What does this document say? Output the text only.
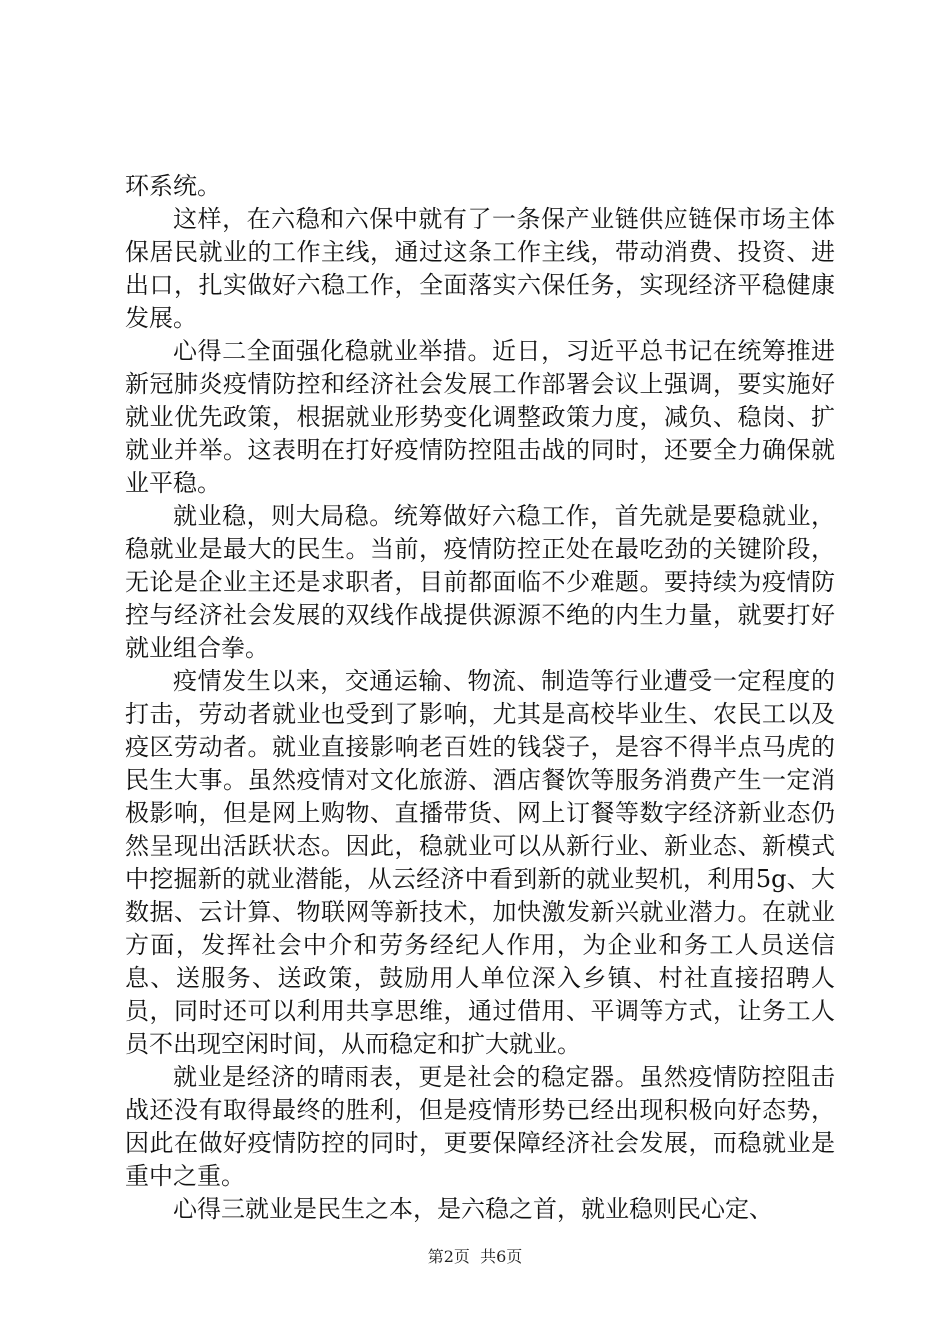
环系统。

这样，在六稳和六保中就有了一条保产业链供应链保市场主体保居民就业的工作主线，通过这条工作主线，带动消费、投资、进出口，扎实做好六稳工作，全面落实六保任务，实现经济平稳健康发展。

心得二全面强化稳就业举措。近日，习近平总书记在统筹推进新冠肺炎疫情防控和经济社会发展工作部署会议上强调，要实施好就业优先政策，根据就业形势变化调整政策力度，减负、稳岗、扩就业并举。这表明在打好疫情防控阻击战的同时，还要全力确保就业平稳。

就业稳，则大局稳。统筹做好六稳工作，首先就是要稳就业，稳就业是最大的民生。当前，疫情防控正处在最吃劲的关键阶段，无论是企业主还是求职者，目前都面临不少难题。要持续为疫情防控与经济社会发展的双线作战提供源源不绝的内生力量，就要打好就业组合拳。

疫情发生以来，交通运输、物流、制造等行业遭受一定程度的打击，劳动者就业也受到了影响，尤其是高校毕业生、农民工以及疫区劳动者。就业直接影响老百姓的钱袋子，是容不得半点马虎的民生大事。虽然疫情对文化旅游、酒店餐饮等服务消费产生一定消极影响，但是网上购物、直播带货、网上订餐等数字经济新业态仍然呈现出活跃状态。因此，稳就业可以从新行业、新业态、新模式中挖掘新的就业潜能，从云经济中看到新的就业契机，利用5g、大数据、云计算、物联网等新技术，加快激发新兴就业潜力。在就业方面，发挥社会中介和劳务经纪人作用，为企业和务工人员送信息、送服务、送政策，鼓励用人单位深入乡镇、村社直接招聘人员，同时还可以利用共享思维，通过借用、平调等方式，让务工人员不出现空闲时间，从而稳定和扩大就业。

就业是经济的晴雨表，更是社会的稳定器。虽然疫情防控阻击战还没有取得最终的胜利，但是疫情形势已经出现积极向好态势，因此在做好疫情防控的同时，更要保障经济社会发展，而稳就业是重中之重。

心得三就业是民生之本，是六稳之首，就业稳则民心定、

第2页  共6页
